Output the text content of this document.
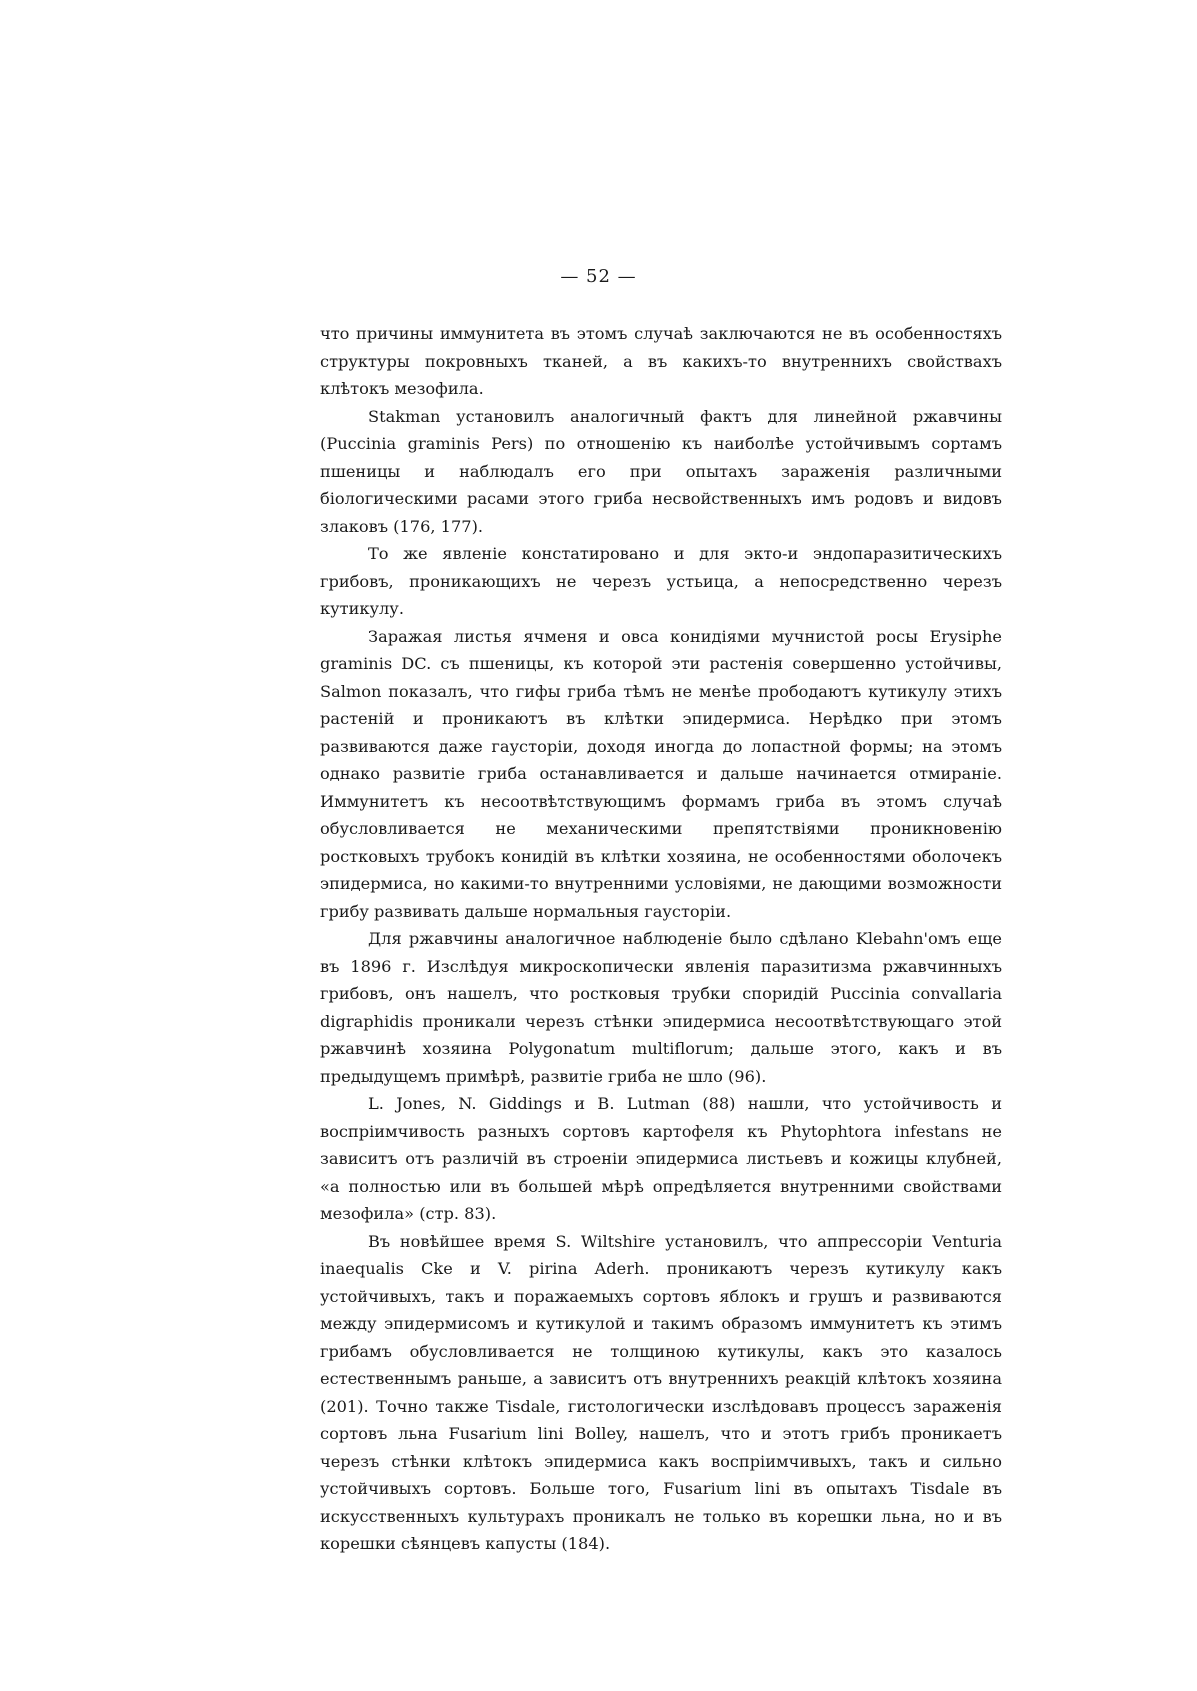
— 52 —

что причины иммунитета въ этомъ случаѣ заключаются не въ особенностяхъ структуры покровныхъ тканей, а въ какихъ-то внутреннихъ свойствахъ клѣтокъ мезофила.

Stakman установилъ аналогичный фактъ для линейной ржавчины (Puccinia graminis Pers) по отношенію къ наиболѣе устойчивымъ сортамъ пшеницы и наблюдалъ его при опытахъ зараженія различными біологическими расами этого гриба несвойственныхъ имъ родовъ и видовъ злаковъ (176, 177).

То же явленіе констатировано и для экто-и эндопаразитическихъ грибовъ, проникающихъ не черезъ устьица, а непосредственно черезъ кутикулу.

Заражая листья ячменя и овса конидіями мучнистой росы Erysiphe graminis DC. съ пшеницы, къ которой эти растенія совершенно устойчивы, Salmon показалъ, что гифы гриба тѣмъ не менѣе прободаютъ кутикулу этихъ растеній и проникаютъ въ клѣтки эпидермиса. Нерѣдко при этомъ развиваются даже гаусторіи, доходя иногда до лопастной формы; на этомъ однако развитіе гриба останавливается и дальше начинается отмираніе. Иммунитетъ къ несоотвѣтствующимъ формамъ гриба въ этомъ случаѣ обусловливается не механическими препятствіями проникновенію ростковыхъ трубокъ конидій въ клѣтки хозяина, не особенностями оболочекъ эпидермиса, но какими-то внутренними условіями, не дающими возможности грибу развивать дальше нормальныя гаусторіи.

Для ржавчины аналогичное наблюденіе было сдѣлано Klebahn'омъ еще въ 1896 г. Изслѣдуя микроскопически явленія паразитизма ржавчинныхъ грибовъ, онъ нашелъ, что ростковыя трубки споридій Puccinia convallaria digraphidis проникали черезъ стѣнки эпидермиса несоотвѣтствующаго этой ржавчинѣ хозяина Polygonatum multiflorum; дальше этого, какъ и въ предыдущемъ примѣрѣ, развитіе гриба не шло (96).

L. Jones, N. Giddings и B. Lutman (88) нашли, что устойчивость и воспріимчивость разныхъ сортовъ картофеля къ Phytophtora infestans не зависитъ отъ различій въ строеніи эпидермиса листьевъ и кожицы клубней, «а полностью или въ большей мѣрѣ опредѣляется внутренними свойствами мезофила» (стр. 83).

Въ новѣйшее время S. Wiltshire установилъ, что аппрессоріи Venturia inaequalis Cke и V. pirina Aderh. проникаютъ черезъ кутикулу какъ устойчивыхъ, такъ и поражаемыхъ сортовъ яблокъ и грушъ и развиваются между эпидермисомъ и кутикулой и такимъ образомъ иммунитетъ къ этимъ грибамъ обусловливается не толщиною кутикулы, какъ это казалось естественнымъ раньше, а зависитъ отъ внутреннихъ реакцій клѣтокъ хозяина (201). Точно также Tisdale, гистологически изслѣдовавъ процессъ зараженія сортовъ льна Fusarium lini Bolley, нашелъ, что и этотъ грибъ проникаетъ черезъ стѣнки клѣтокъ эпидермиса какъ воспріимчивыхъ, такъ и сильно устойчивыхъ сортовъ. Больше того, Fusarium lini въ опытахъ Tisdale въ искусственныхъ культурахъ проникалъ не только въ корешки льна, но и въ корешки сѣянцевъ капусты (184).
